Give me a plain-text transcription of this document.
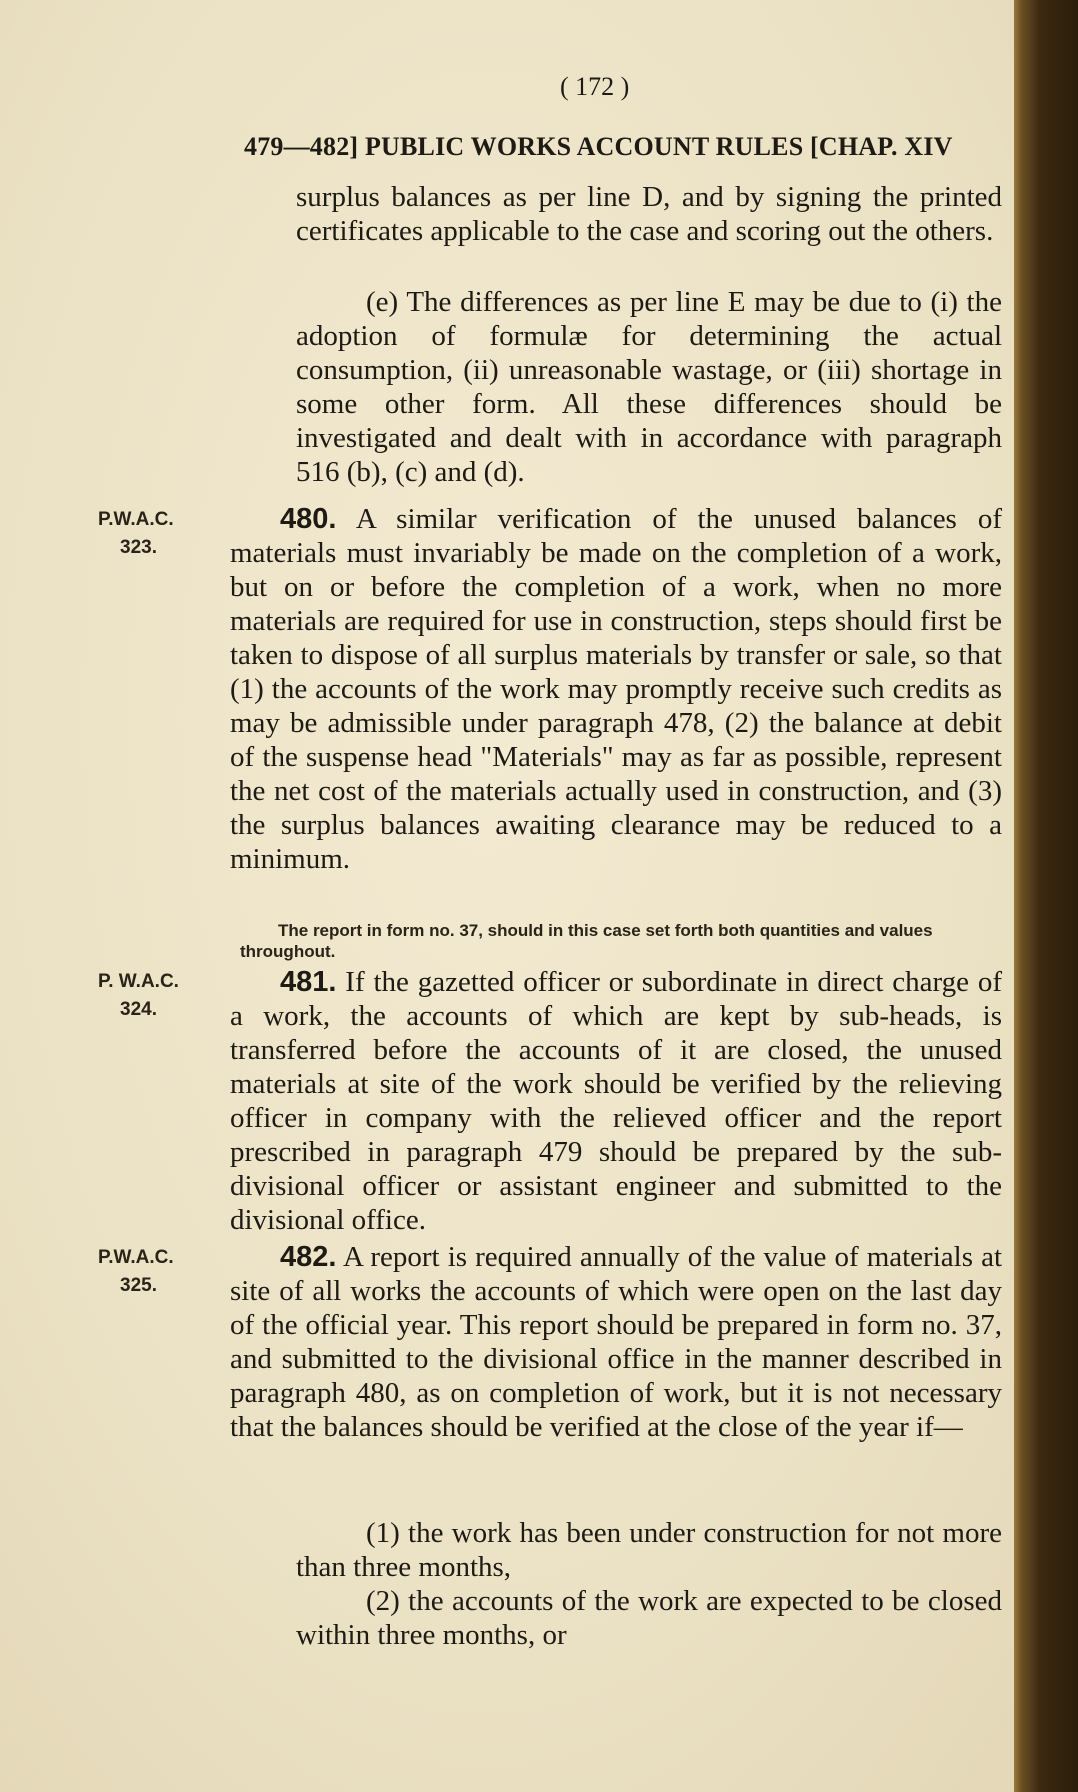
( 172 )
479—482] PUBLIC WORKS ACCOUNT RULES [CHAP. XIV
surplus balances as per line D, and by signing the printed certificates applicable to the case and scoring out the others.
(e) The differences as per line E may be due to (i) the adoption of formulæ for determining the actual consumption, (ii) unreasonable wastage, or (iii) shortage in some other form. All these differences should be investigated and dealt with in accordance with paragraph 516 (b), (c) and (d).
P.W.A.C.
323.
480. A similar verification of the unused balances of materials must invariably be made on the completion of a work, but on or before the completion of a work, when no more materials are required for use in construction, steps should first be taken to dispose of all surplus materials by transfer or sale, so that (1) the accounts of the work may promptly receive such credits as may be admissible under paragraph 478, (2) the balance at debit of the suspense head "Materials" may as far as possible, represent the net cost of the materials actually used in construction, and (3) the surplus balances awaiting clearance may be reduced to a minimum.
The report in form no. 37, should in this case set forth both quantities and values throughout.
P. W.A.C.
324.
481. If the gazetted officer or subordinate in direct charge of a work, the accounts of which are kept by sub-heads, is transferred before the accounts of it are closed, the unused materials at site of the work should be verified by the relieving officer in company with the relieved officer and the report prescribed in paragraph 479 should be prepared by the sub-divisional officer or assistant engineer and submitted to the divisional office.
P.W.A.C.
325.
482. A report is required annually of the value of materials at site of all works the accounts of which were open on the last day of the official year. This report should be prepared in form no. 37, and submitted to the divisional office in the manner described in paragraph 480, as on completion of work, but it is not necessary that the balances should be verified at the close of the year if—
(1) the work has been under construction for not more than three months,
(2) the accounts of the work are expected to be closed within three months, or
